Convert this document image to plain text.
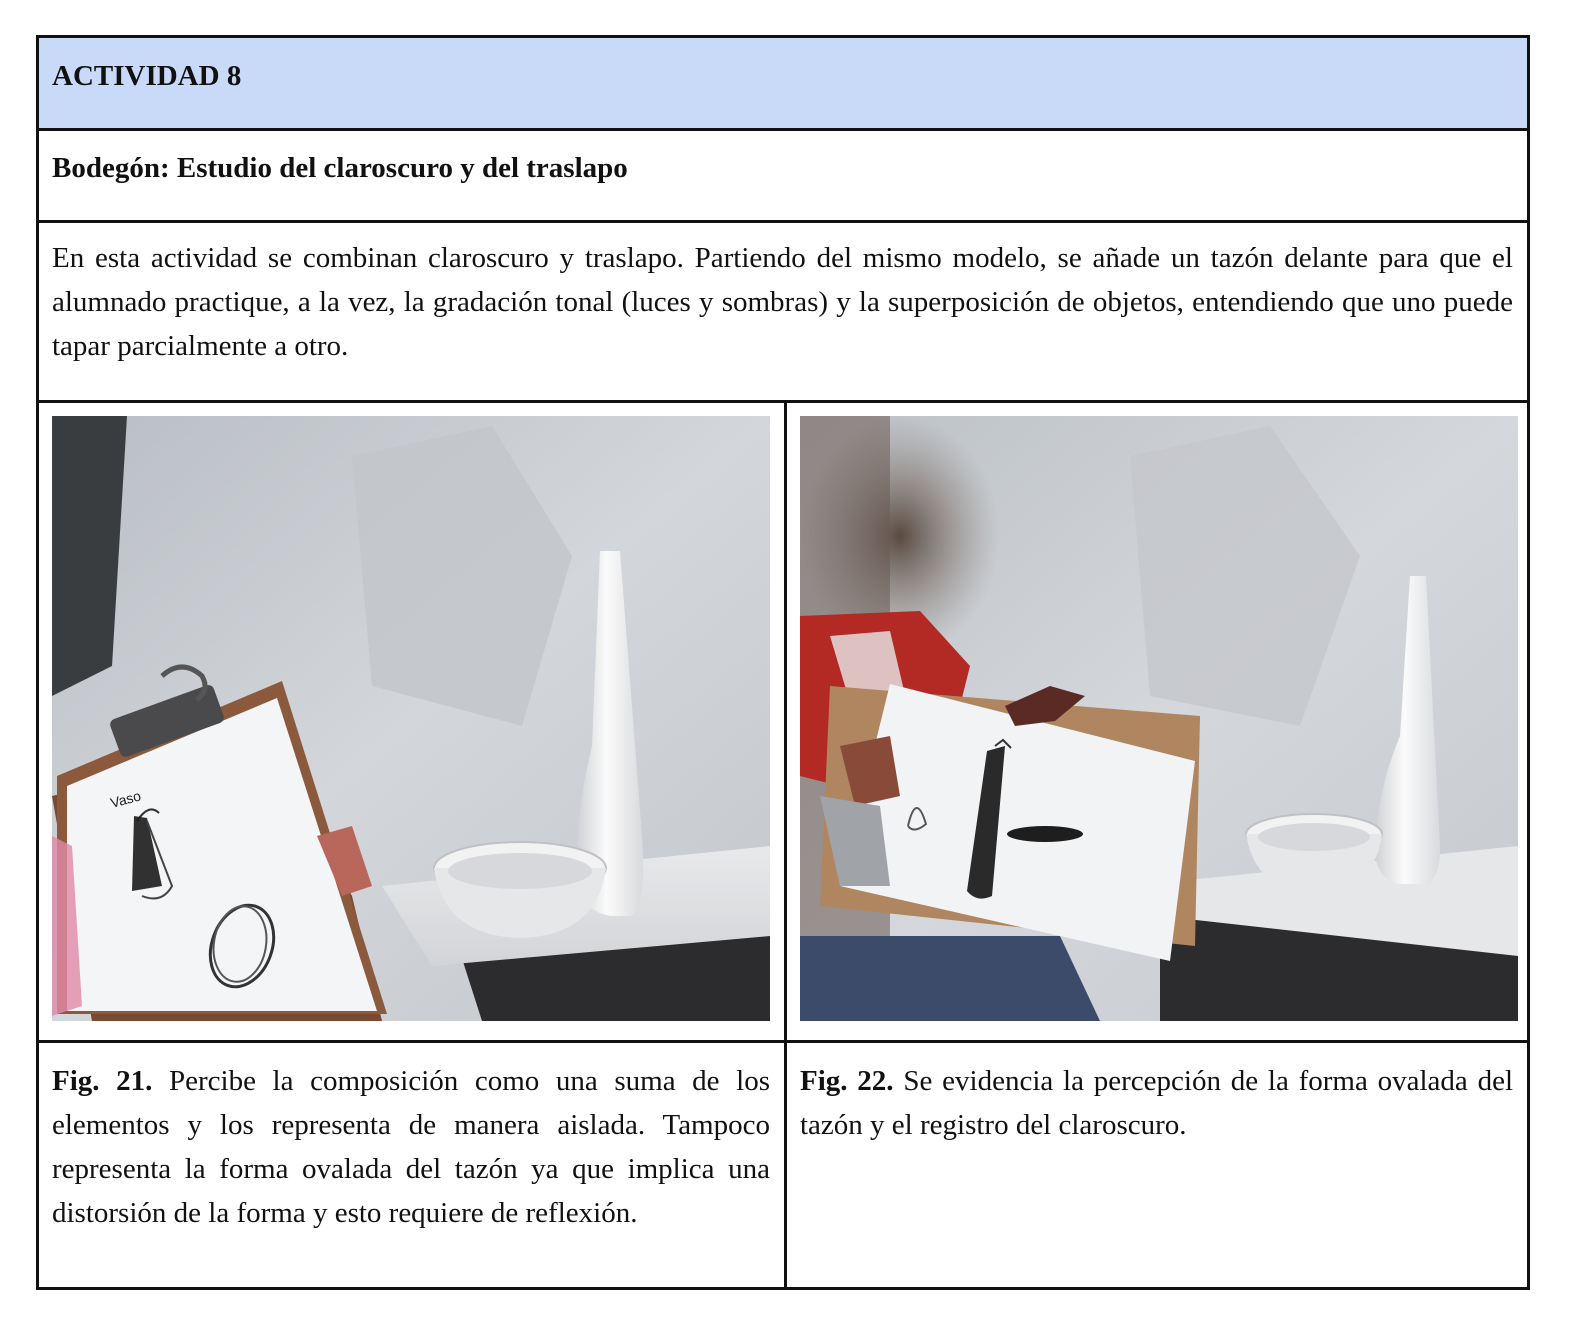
ACTIVIDAD 8
Bodegón: Estudio del claroscuro y del traslapo
En esta actividad se combinan claroscuro y traslapo. Partiendo del mismo modelo, se añade un tazón delante para que el alumnado practique, a la vez, la gradación tonal (luces y sombras) y la superposición de objetos, entendiendo que uno puede tapar parcialmente a otro.
Vaso
Fig. 21. Percibe la composición como una suma de los elementos y los representa de manera aislada. Tampoco representa la forma ovalada del tazón ya que implica una distorsión de la forma y esto requiere de reflexión.
Fig. 22. Se evidencia la percepción de la forma ovalada del tazón y el registro del claroscuro.
